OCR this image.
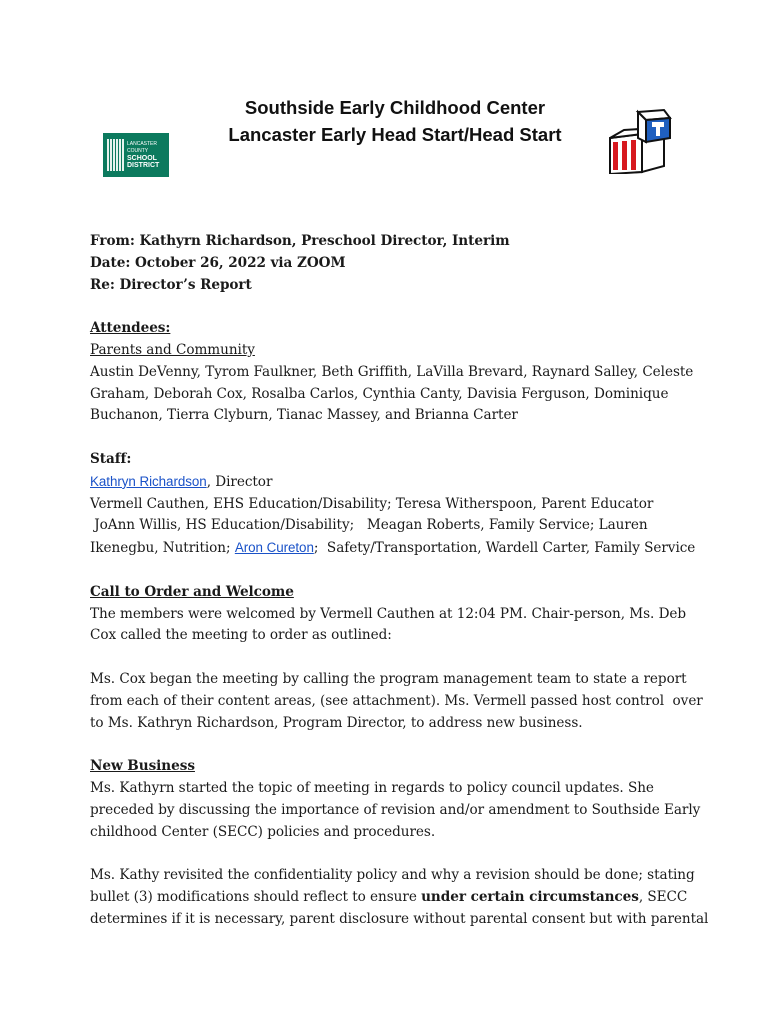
Southside Early Childhood Center
Lancaster Early Head Start/Head Start
LANCASTER
COUNTY
SCHOOL
DISTRICT

From: Kathyrn Richardson, Preschool Director, Interim

Date: October 26, 2022 via ZOOM

Re: Director’s Report

Attendees:

Parents and Community

Austin DeVenny, Tyrom Faulkner, Beth Griffith, LaVilla Brevard, Raynard Salley, Celeste

Graham, Deborah Cox, Rosalba Carlos, Cynthia Canty, Davisia Ferguson, Dominique

Buchanon, Tierra Clyburn, Tianac Massey, and Brianna Carter

Staff:

Kathryn Richardson, Director

Vermell Cauthen, EHS Education/Disability; Teresa Witherspoon, Parent Educator

JoAnn Willis, HS Education/Disability;   Meagan Roberts, Family Service; Lauren

Ikenegbu, Nutrition; Aron Cureton;  Safety/Transportation, Wardell Carter, Family Service

Call to Order and Welcome

The members were welcomed by Vermell Cauthen at 12:04 PM. Chair-person, Ms. Deb

Cox called the meeting to order as outlined:

Ms. Cox began the meeting by calling the program management team to state a report

from each of their content areas, (see attachment). Ms. Vermell passed host control  over

to Ms. Kathryn Richardson, Program Director, to address new business.

New Business

Ms. Kathyrn started the topic of meeting in regards to policy council updates. She

preceded by discussing the importance of revision and/or amendment to Southside Early

childhood Center (SECC) policies and procedures.

Ms. Kathy revisited the confidentiality policy and why a revision should be done; stating

bullet (3) modifications should reflect to ensure under certain circumstances, SECC

determines if it is necessary, parent disclosure without parental consent but with parental
